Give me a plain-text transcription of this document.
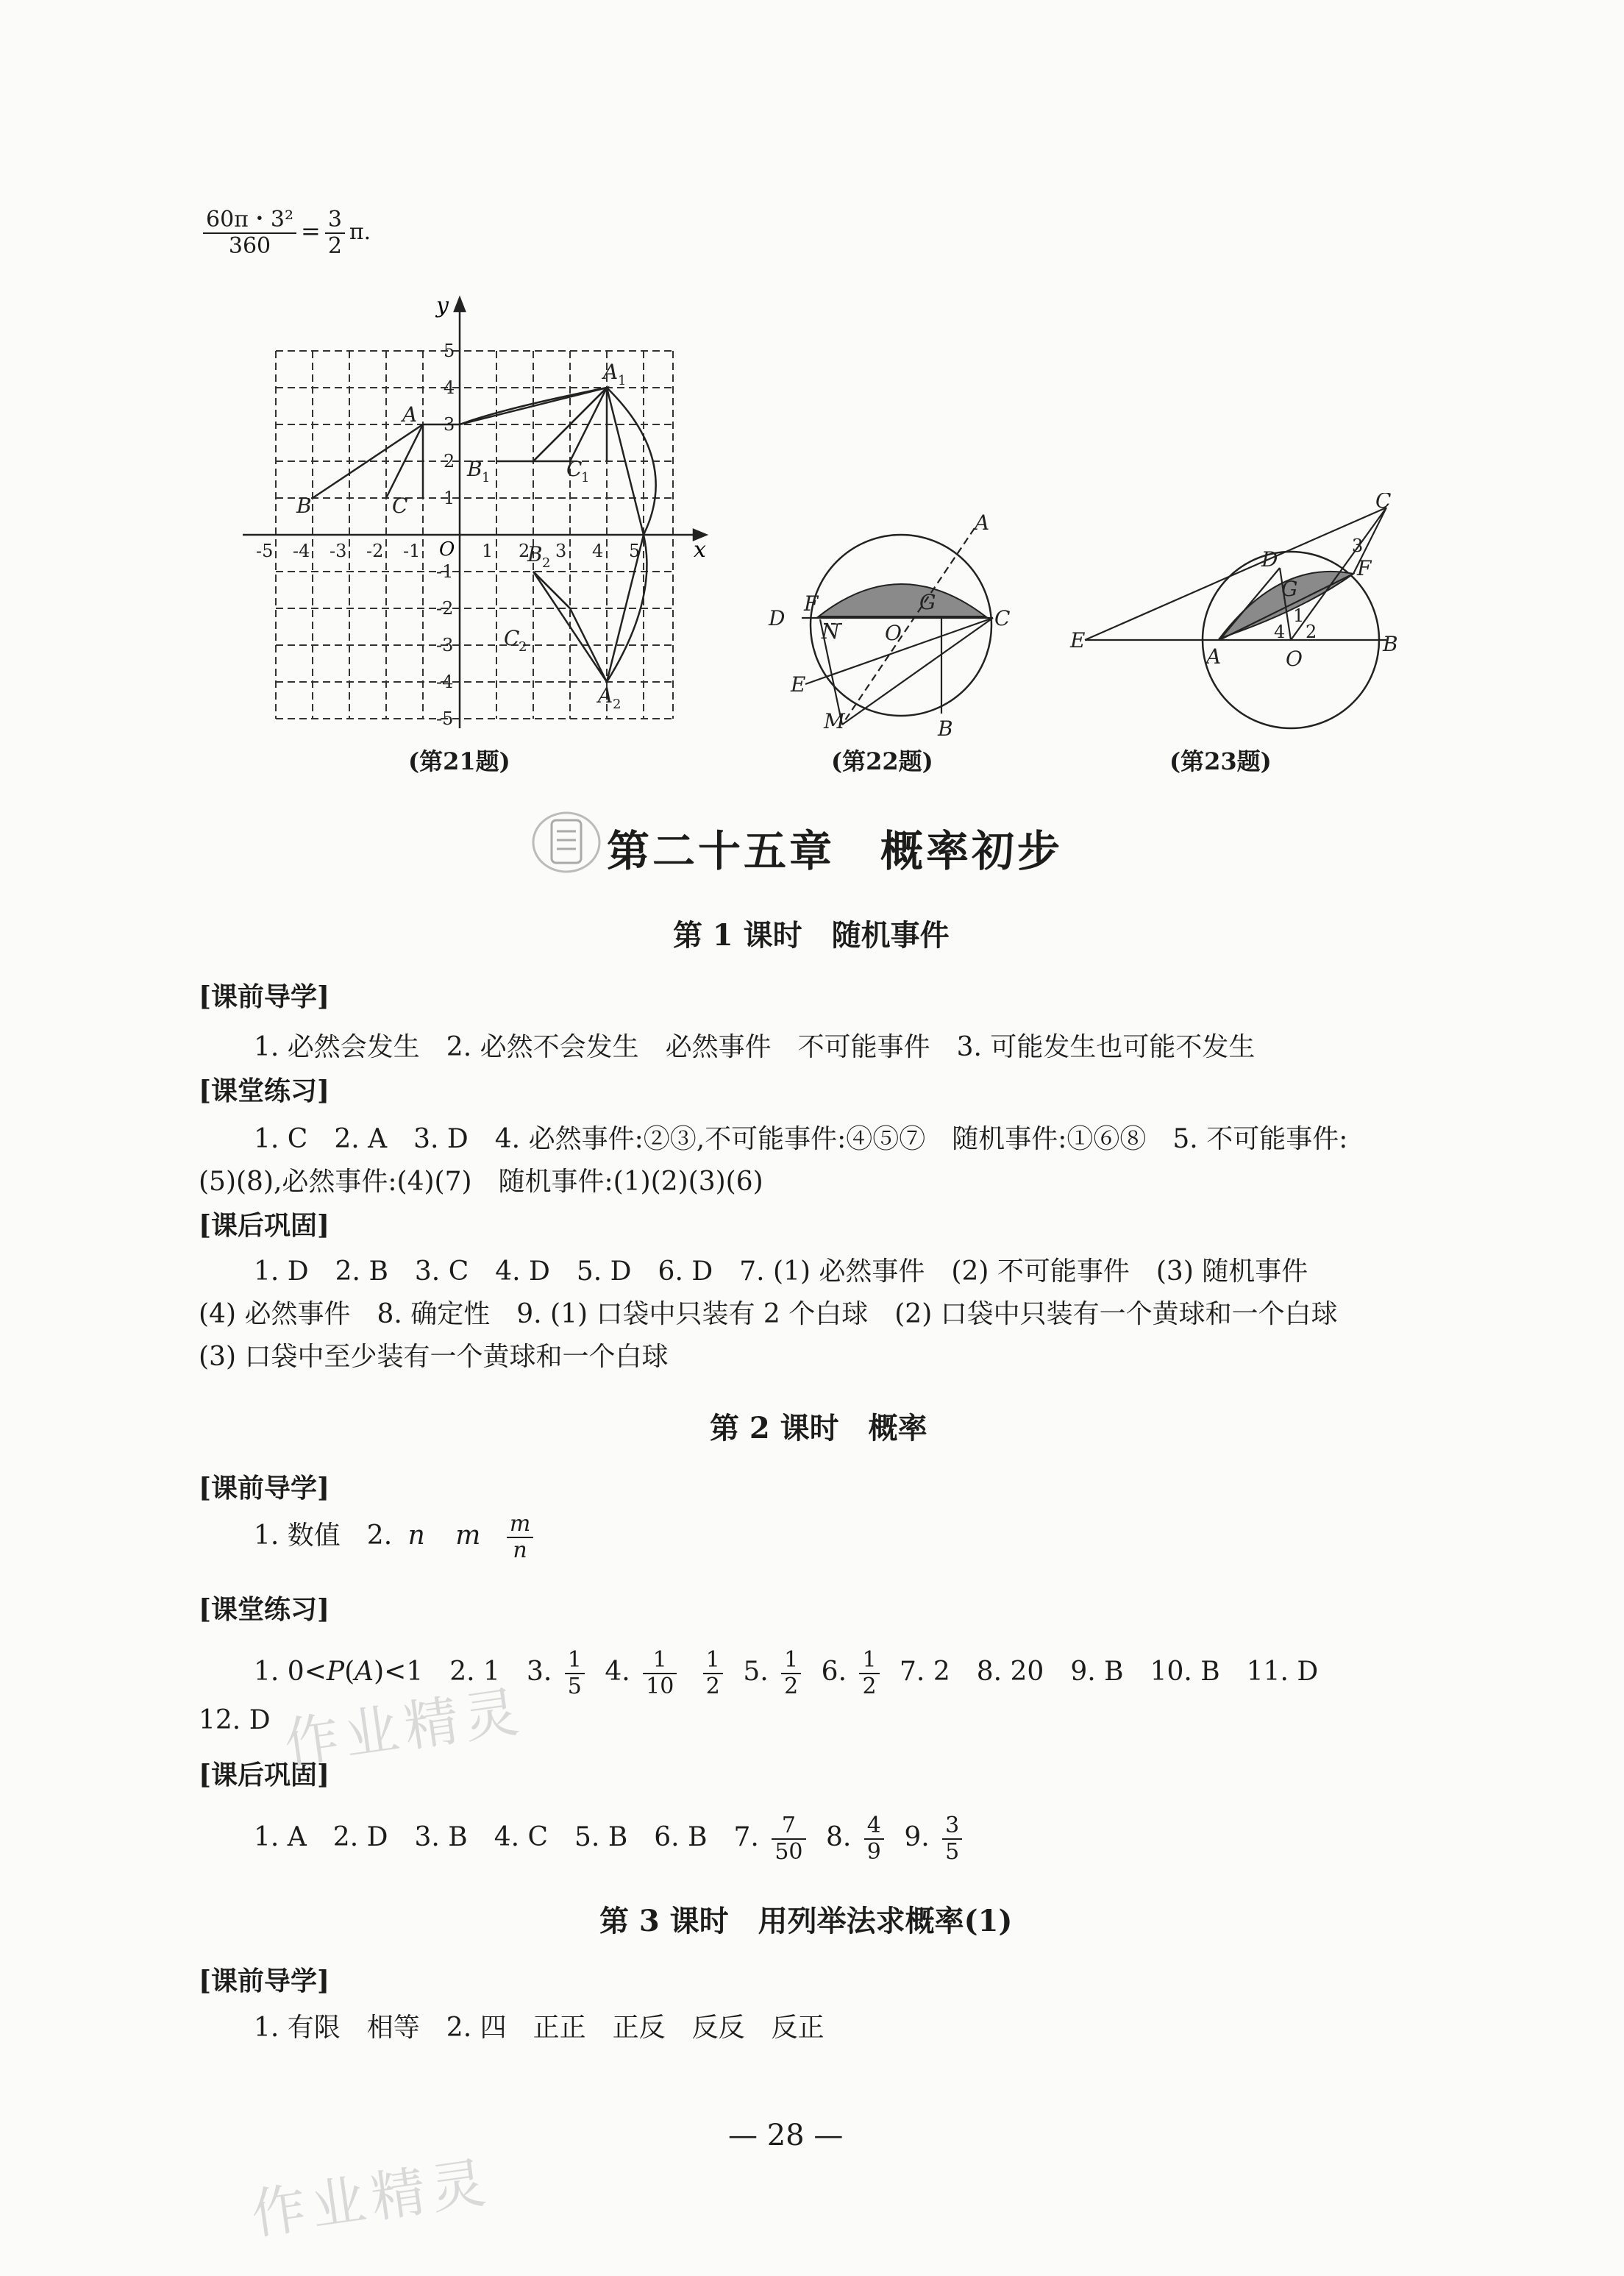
$\frac{\text{60π・3²}}{360} = \frac{3}{2} \pi$.
y
x
O
-5 -4 -3 -2 -1	1 2 3 4 5
5
4
3
2
1
-1
-2
-3
-4
-5
A
A 1
B	C
B 1	C
1
B 2
C
2
A 2
(第21题)
A
B
C
D
E
F	G
M
N O
(第22题)
A
B
C
D
E
F
G
O
1
2
3
4
(第23题)
第二十五章　概率初步
第 1 课时　随机事件
[课前导学]
1. 必然会发生　2. 必然不会发生　必然事件　不可能事件　3. 可能发生也可能不发生
[课堂练习]
1. C　2. A　3. D　4. 必然事件:②③,不可能事件:④⑤⑦　随机事件:①⑥⑧　5. 不可能事件:
(5)(8),必然事件:(4)(7)　随机事件:(1)(2)(3)(6)
[课后巩固]
1. D　2. B　3. C　4. D　5. D　6. D　7. (1) 必然事件　(2) 不可能事件　(3) 随机事件
(4) 必然事件　8. 确定性　9. (1) 口袋中只装有 2 个白球　(2) 口袋中只装有一个黄球和一个白球
(3) 口袋中至少装有一个黄球和一个白球
第 2 课时　概率
[课前导学]
1. 数值　2. n m $\frac{m}{n}$
[课堂练习]
1. 0<P(A)<1　2. 1　3. $\frac{1}{5} 4$. $\frac{1}{10}$
$\frac{1}{2} 5$. $\frac{1}{2} 6$. $\frac{1}{2} 7$. 2　8. 20　9. B　10. B　11. D
12. D
[课后巩固]
1. A　2. D　3. B　4. C　5. B　6. B　7. $\frac{7}{50} 8$. $\frac{4}{9} 9$. $\frac{3}{5}$
第 3 课时　用列举法求概率(1)
[课前导学]
1. 有限　相等　2. 四　正正　正反　反反　反正
— 28 —
作业精灵
作业精灵
